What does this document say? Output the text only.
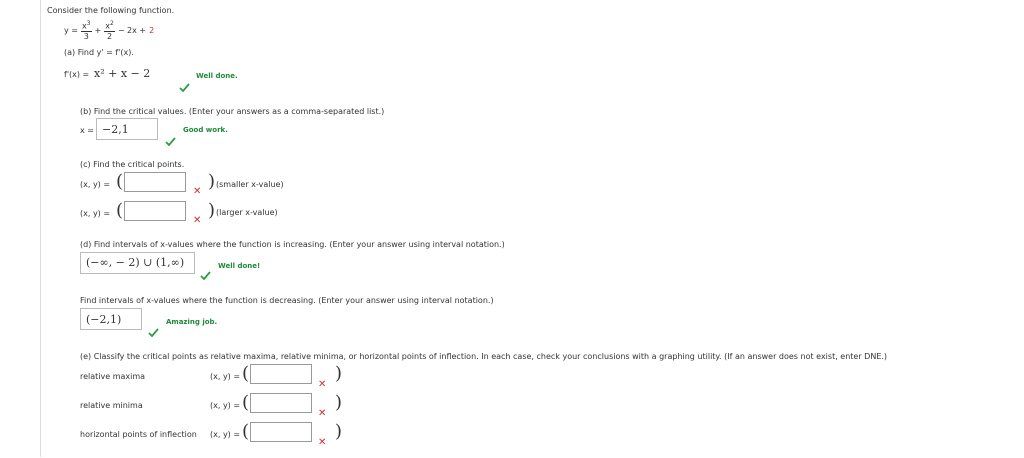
Consider the following function.
$y = \frac{x^3}{3} + \frac{x^2}{2} - 2x + 2$
(a) Find y' = f'(x).
f'(x) = x² + x − 2	Well done.
(b) Find the critical values. (Enter your answers as a comma-separated list.)
x = −2,1	Good work.
(c) Find the critical points.
(x, y) = (	✕ ) (smaller x-value)
(x, y) = (	✕ ) (larger x-value)
(d) Find intervals of x-values where the function is increasing. (Enter your answer using interval notation.)
(−∞, − 2) ∪ (1,∞)	Well done!
Find intervals of x-values where the function is decreasing. (Enter your answer using interval notation.)
(−2,1)	Amazing job.
(e) Classify the critical points as relative maxima, relative minima, or horizontal points of inflection. In each case, check your conclusions with a graphing utility. (If an answer does not exist, enter DNE.)
relative maxima	(x, y) = (
✕
)
relative minima	(x, y) = (
✕
)
horizontal points of inflection (x, y) = (
✕
)
